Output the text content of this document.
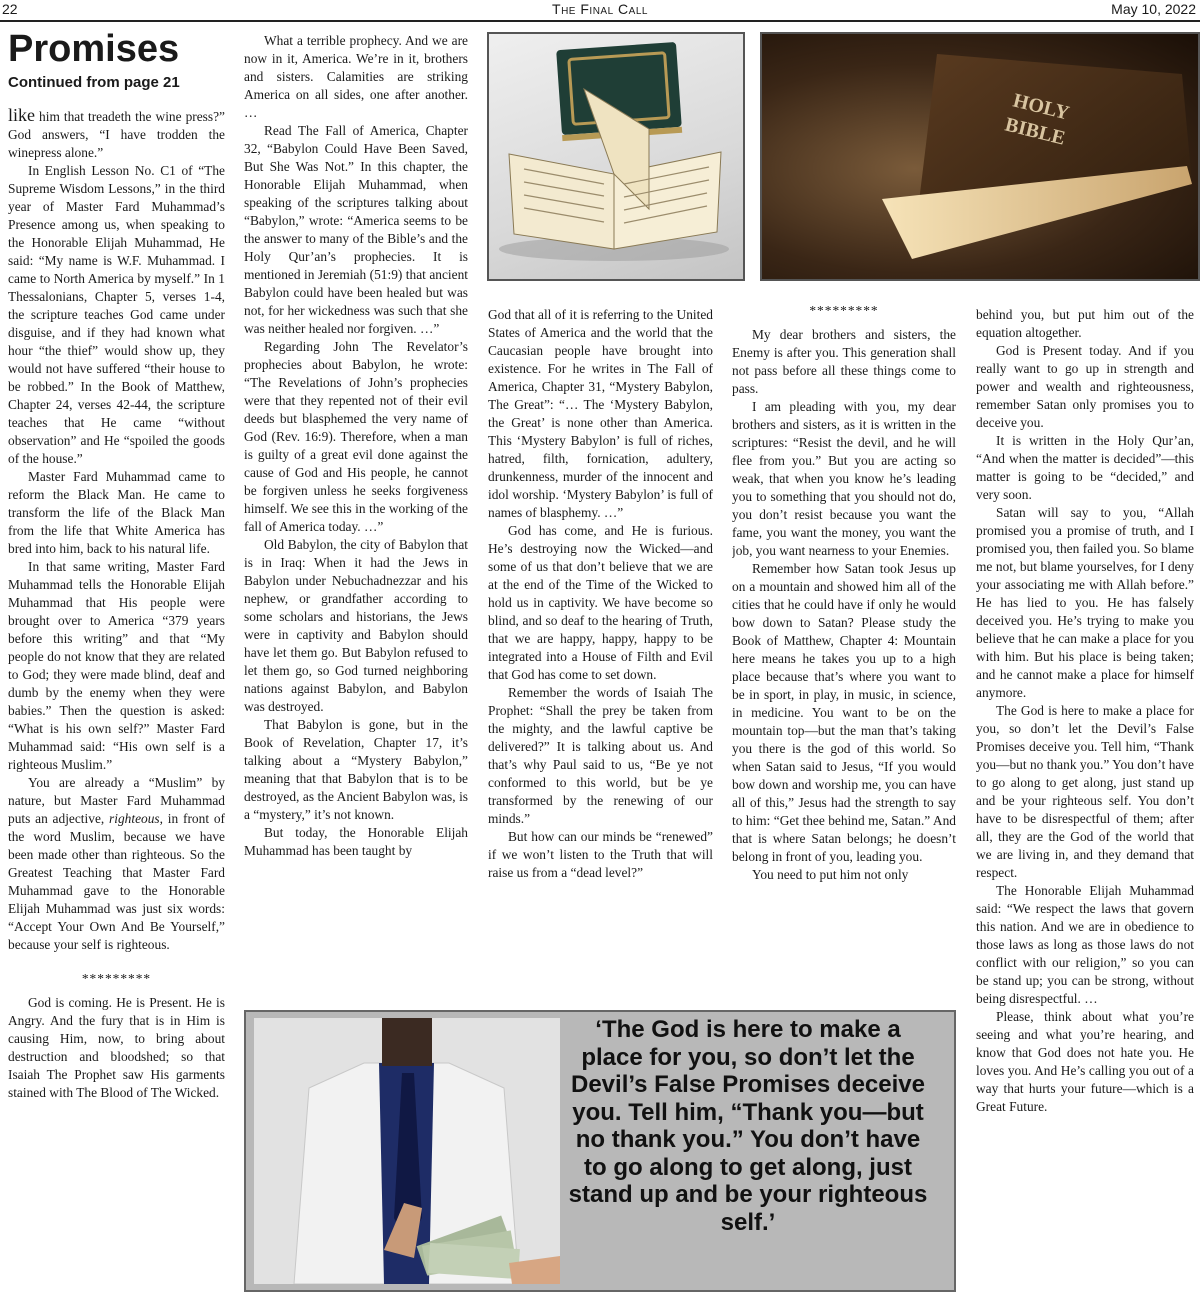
22	The Final Call	May 10, 2022
Promises
Continued from page 21

like him that treadeth the wine press?” God answers, “I have trodden the winepress alone.”

In English Lesson No. C1 of “The Supreme Wisdom Lessons,” in the third year of Master Fard Muhammad’s Presence among us, when speaking to the Honorable Elijah Muhammad, He said: “My name is W.F. Muhammad. I came to North America by myself.” In 1 Thessalonians, Chapter 5, verses 1-4, the scripture teaches God came under disguise, and if they had known what hour “the thief” would show up, they would not have suffered “their house to be robbed.” In the Book of Matthew, Chapter 24, verses 42-44, the scripture teaches that He came “without observation” and He “spoiled the goods of the house.”

Master Fard Muhammad came to reform the Black Man. He came to transform the life of the Black Man from the life that White America has bred into him, back to his natural life.

In that same writing, Master Fard Muhammad tells the Honorable Elijah Muhammad that His people were brought over to America “379 years before this writing” and that “My people do not know that they are related to God; they were made blind, deaf and dumb by the enemy when they were babies.” Then the question is asked: “What is his own self?” Master Fard Muhammad said: “His own self is a righteous Muslim.”

You are already a “Muslim” by nature, but Master Fard Muhammad puts an adjective, righteous, in front of the word Muslim, because we have been made other than righteous. So the Greatest Teaching that Master Fard Muhammad gave to the Honorable Elijah Muhammad was just six words: “Accept Your Own And Be Yourself,” because your self is righteous.

*********

God is coming. He is Present. He is Angry. And the fury that is in Him is causing Him, now, to bring about destruction and bloodshed; so that Isaiah The Prophet saw His garments stained with The Blood of The Wicked.

What a terrible prophecy. And we are now in it, America. We’re in it, brothers and sisters. Calamities are striking America on all sides, one after another. …

Read The Fall of America, Chapter 32, “Babylon Could Have Been Saved, But She Was Not.” In this chapter, the Honorable Elijah Muhammad, when speaking of the scriptures talking about “Babylon,” wrote: “America seems to be the answer to many of the Bible’s and the Holy Qur’an’s prophecies. It is mentioned in Jeremiah (51:9) that ancient Babylon could have been healed but was not, for her wickedness was such that she was neither healed nor forgiven. …”

Regarding John The Revelator’s prophecies about Babylon, he wrote: “The Revelations of John’s prophecies were that they repented not of their evil deeds but blasphemed the very name of God (Rev. 16:9). Therefore, when a man is guilty of a great evil done against the cause of God and His people, he cannot be forgiven unless he seeks forgiveness himself. We see this in the working of the fall of America today. …”

Old Babylon, the city of Babylon that is in Iraq: When it had the Jews in Babylon under Nebuchadnezzar and his nephew, or grandfather according to some scholars and historians, the Jews were in captivity and Babylon should have let them go. But Babylon refused to let them go, so God turned neighboring nations against Babylon, and Babylon was destroyed.

That Babylon is gone, but in the Book of Revelation, Chapter 17, it’s talking about a “Mystery Babylon,” meaning that that Babylon that is to be destroyed, as the Ancient Babylon was, is a “mystery,” it’s not known.

But today, the Honorable Elijah Muhammad has been taught by

HOLY
BIBLE

God that all of it is referring to the United States of America and the world that the Caucasian people have brought into existence. For he writes in The Fall of America, Chapter 31, “Mystery Babylon, The Great”: “… The ‘Mystery Babylon, the Great’ is none other than America. This ‘Mystery Babylon’ is full of riches, hatred, filth, fornication, adultery, drunkenness, murder of the innocent and idol worship. ‘Mystery Babylon’ is full of names of blasphemy. …”

God has come, and He is furious. He’s destroying now the Wicked—and some of us that don’t believe that we are at the end of the Time of the Wicked to hold us in captivity. We have become so blind, and so deaf to the hearing of Truth, that we are happy, happy, happy to be integrated into a House of Filth and Evil that God has come to set down.

Remember the words of Isaiah The Prophet: “Shall the prey be taken from the mighty, and the lawful captive be delivered?” It is talking about us. And that’s why Paul said to us, “Be ye not conformed to this world, but be ye transformed by the renewing of our minds.”

But how can our minds be “renewed” if we won’t listen to the Truth that will raise us from a “dead level?”

*********

My dear brothers and sisters, the Enemy is after you. This generation shall not pass before all these things come to pass.

I am pleading with you, my dear brothers and sisters, as it is written in the scriptures: “Resist the devil, and he will flee from you.” But you are acting so weak, that when you know he’s leading you to something that you should not do, you don’t resist because you want the fame, you want the money, you want the job, you want nearness to your Enemies.

Remember how Satan took Jesus up on a mountain and showed him all of the cities that he could have if only he would bow down to Satan? Please study the Book of Matthew, Chapter 4: Mountain here means he takes you up to a high place because that’s where you want to be in sport, in play, in music, in science, in medicine. You want to be on the mountain top—but the man that’s taking you there is the god of this world. So when Satan said to Jesus, “If you would bow down and worship me, you can have all of this,” Jesus had the strength to say to him: “Get thee behind me, Satan.” And that is where Satan belongs; he doesn’t belong in front of you, leading you.

You need to put him not only

behind you, but put him out of the equation altogether.

God is Present today. And if you really want to go up in strength and power and wealth and righteousness, remember Satan only promises you to deceive you.

It is written in the Holy Qur’an, “And when the matter is decided”—this matter is going to be “decided,” and very soon.

Satan will say to you, “Allah promised you a promise of truth, and I promised you, then failed you. So blame me not, but blame yourselves, for I deny your associating me with Allah before.” He has lied to you. He has falsely deceived you. He’s trying to make you believe that he can make a place for you with him. But his place is being taken; and he cannot make a place for himself anymore.

The God is here to make a place for you, so don’t let the Devil’s False Promises deceive you. Tell him, “Thank you—but no thank you.” You don’t have to go along to get along, just stand up and be your righteous self. You don’t have to be disrespectful of them; after all, they are the God of the world that we are living in, and they demand that respect.

The Honorable Elijah Muhammad said: “We respect the laws that govern this nation. And we are in obedience to those laws as long as those laws do not conflict with our religion,” so you can be stand up; you can be strong, without being disrespectful. …

Please, think about what you’re seeing and what you’re hearing, and know that God does not hate you. He loves you. And He’s calling you out of a way that hurts your future—which is a Great Future.

‘The God is here to make a place for you, so don’t let the Devil’s False Promises deceive you. Tell him, “Thank you—but no thank you.” You don’t have to go along to get along, just stand up and be your righteous self.’
